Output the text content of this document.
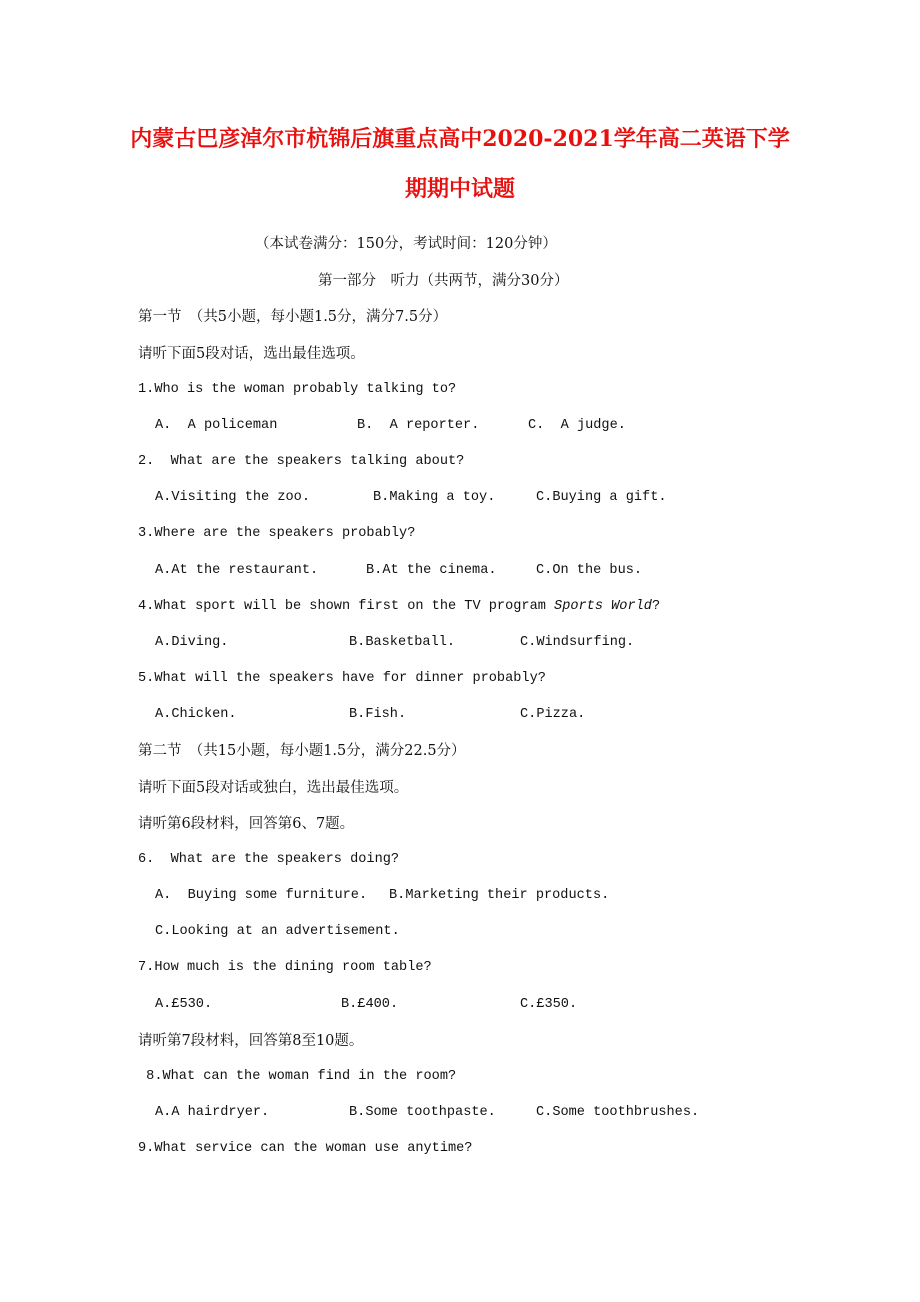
内蒙古巴彦淖尔市杭锦后旗重点高中2020-2021学年高二英语下学
期期中试题
（本试卷满分：150分，考试时间：120分钟）
第一部分　听力（共两节，满分30分）
第一节　（共5小题，每小题1.5分，满分7.5分）
请听下面5段对话，选出最佳选项。
1.Who is the woman probably talking to?
A.  A policeman	B.  A reporter.	C.  A judge.
2.  What are the speakers talking about?
A.Visiting the zoo.	B.Making a toy.	C.Buying a gift.
3.Where are the speakers probably?
A.At the restaurant.	B.At the cinema.	C.On the bus.
4.What sport will be shown first on the TV program Sports World?
A.Diving.	B.Basketball.	C.Windsurfing.
5.What will the speakers have for dinner probably?
A.Chicken.	B.Fish.	C.Pizza.
第二节　（共15小题，每小题1.5分，满分22.5分）
请听下面5段对话或独白，选出最佳选项。
请听第6段材料，回答第6、7题。
6.  What are the speakers doing?
A.  Buying some furniture. B.Marketing their products.
C.Looking at an advertisement.
7.How much is the dining room table?
A.£530.	B.£400.	C.£350.
请听第7段材料，回答第8至10题。
8.What can the woman find in the room?
A.A hairdryer.	B.Some toothpaste.	C.Some toothbrushes.
9.What service can the woman use anytime?
